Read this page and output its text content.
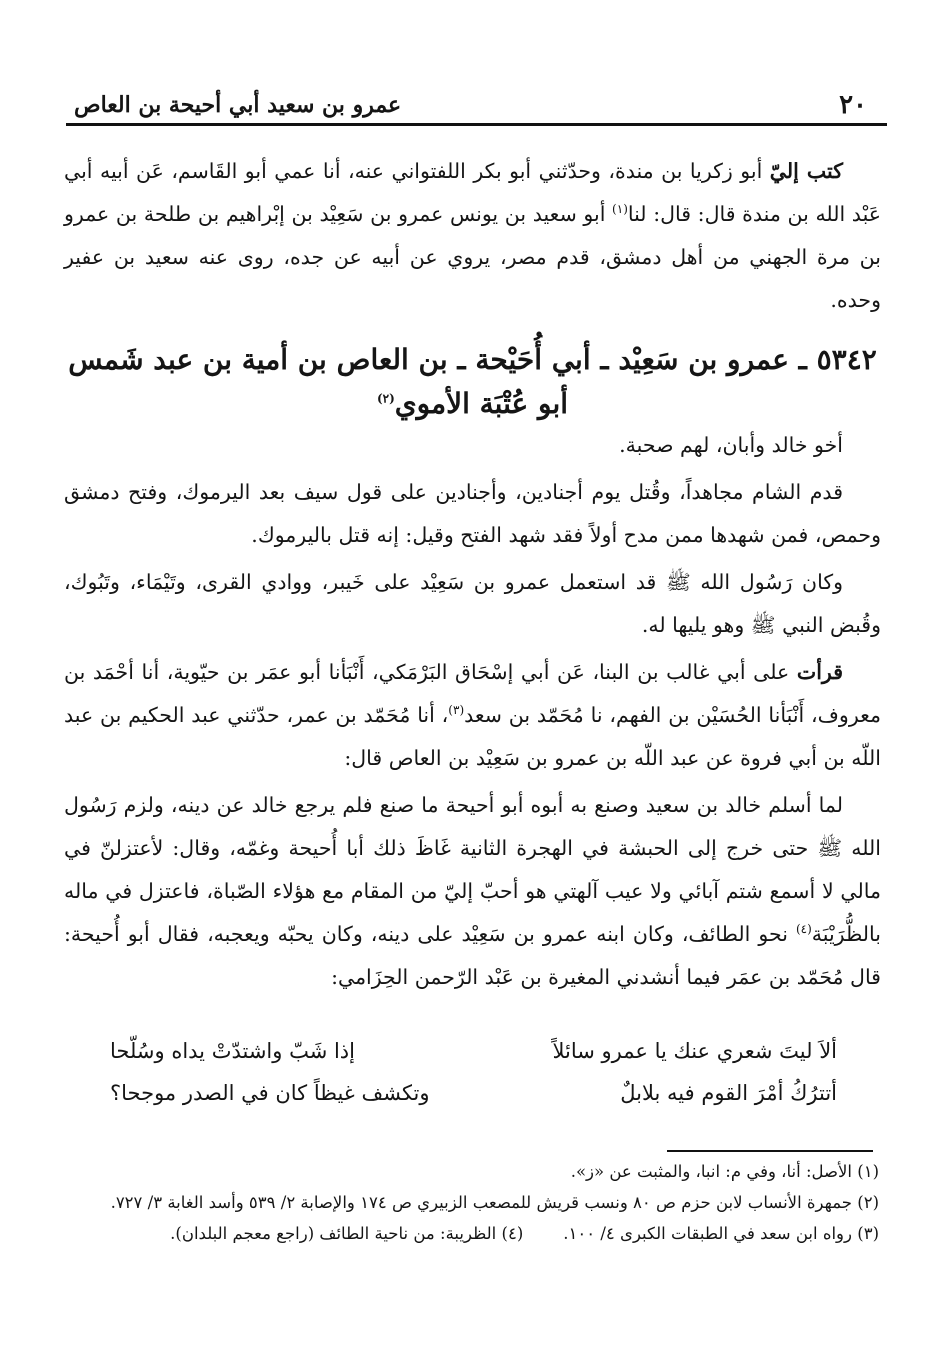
٢٠
عمرو بن سعيد أبي أحيحة بن العاص

كتب إليّ أبو زكريا بن مندة، وحدّثني أبو بكر اللفتواني عنه، أنا عمي أبو القَاسم، عَن أبيه أبي عَبْد الله بن مندة قال: قال: لنا$^{(١)}$ أبو سعيد بن يونس عمرو بن سَعِيْد بن إبْراهيم بن طلحة بن عمرو بن مرة الجهني من أهل دمشق، قدم مصر، يروي عن أبيه عن جده، روى عنه سعيد بن عفير وحده.

٥٣٤٢ ـ عمرو بن سَعِيْد ـ أبي أُحَيْحة ـ بن العاص بن أمية بن عبد شَمس
أبو عُتْبَة الأموي$^{(٢)}$

أخو خالد وأبان، لهم صحبة.

قدم الشام مجاهداً، وقُتل يوم أجنادين، وأجنادين على قول سيف بعد اليرموك، وفتح دمشق وحمص، فمن شهدها ممن مدح أولاً فقد شهد الفتح وقيل: إنه قتل باليرموك.

وكان رَسُول الله ﷺ قد استعمل عمرو بن سَعِيْد على خَيبر، ووادي القرى، وتَيْمَاء، وتَبُوك، وقُبض النبي ﷺ وهو يليها له.

قرأت على أبي غالب بن البنا، عَن أبي إسْحَاق البَرْمَكي، أَنْبَأنا أبو عمَر بن حيّوية، أنا أحْمَد بن معروف، أَنْبَأنا الحُسَيْن بن الفهم، نا مُحَمّد بن سعد$^{(٣)}$، أنا مُحَمّد بن عمر، حدّثني عبد الحكيم بن عبد اللّه بن أبي فروة عن عبد اللّه بن عمرو بن سَعِيْد بن العاص قال:

لما أسلم خالد بن سعيد وصنع به أبوه أبو أحيحة ما صنع فلم يرجع خالد عن دينه، ولزم رَسُول الله ﷺ حتى خرج إلى الحبشة في الهجرة الثانية غَاظَ ذلك أبا أُحيحة وغمّه، وقال: لأعتزلنّ في مالي لا أسمع شتم آبائي ولا عيب آلهتي هو أحبّ إليّ من المقام مع هؤلاء الصّباة، فاعتزل في ماله بالظُّرَيْبَة$^{(٤)}$ نحو الطائف، وكان ابنه عمرو بن سَعِيْد على دينه، وكان يحبّه ويعجبه، فقال أبو أُحيحة: قال مُحَمّد بن عمَر فيما أنشدني المغيرة بن عَبْد الرّحمن الحِزَامي:

ألاَ ليتَ شعري عنك يا عمرو سائلاً
إذا شَبّ واشتدّتْ يداه وسُلّحا
أتترُكُ أمْرَ القوم فيه بلابلٌ
وتكشف غيظاً كان في الصدر موجحا؟

(١) الأصل: أنا، وفي م: انبا، والمثبت عن «ز».

(٢) جمهرة الأنساب لابن حزم ص ٨٠ ونسب قريش للمصعب الزبيري ص ١٧٤ والإصابة ٢/ ٥٣٩ وأسد الغابة ٣/ ٧٢٧.

(٣) رواه ابن سعد في الطبقات الكبرى ٤/ ١٠٠.

(٤) الظريبة: من ناحية الطائف (راجع معجم البلدان).
